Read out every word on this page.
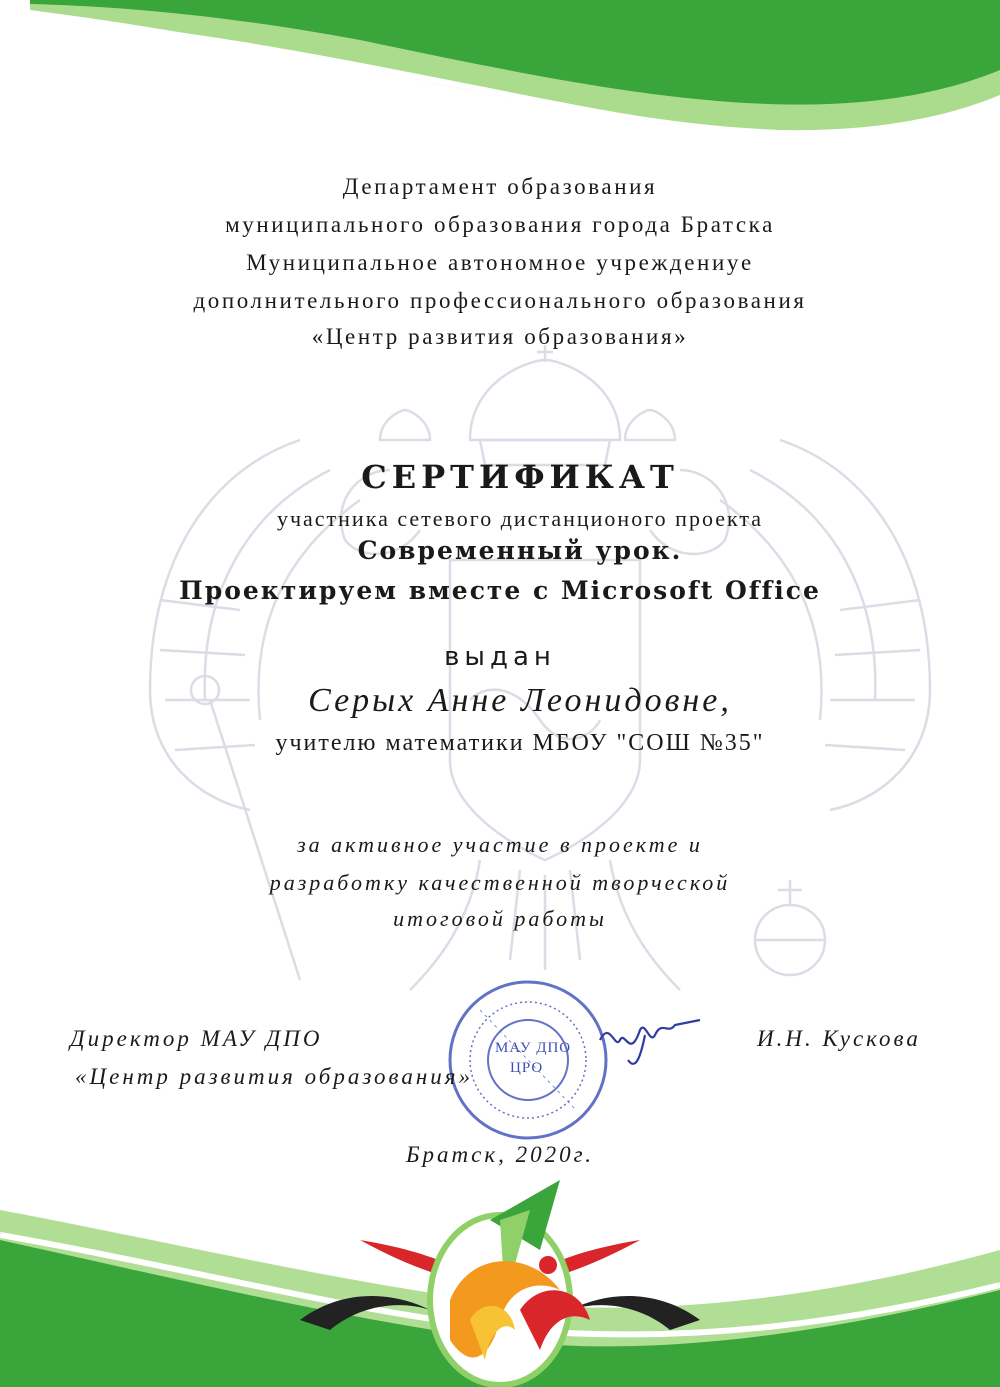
Департамент образования
муниципального образования города Братска
Муниципальное автономное учреждениye
дополнительного профессионального образования
«Центр развития образования»
СЕРТИФИКАТ
участника сетевого дистанционого проекта
Современный урок.
Проектируем вместе с Microsoft Office
выдан
Серых Анне Леонидовне,
учителю математики МБОУ "СОШ №35"
за активное участие в проекте и
разработку качественной творческой
итоговой работы
Директор МАУ ДПО
«Центр развития образования»
И.Н. Кускова
МАУ ДПО
ЦРО
Братск, 2020г.
